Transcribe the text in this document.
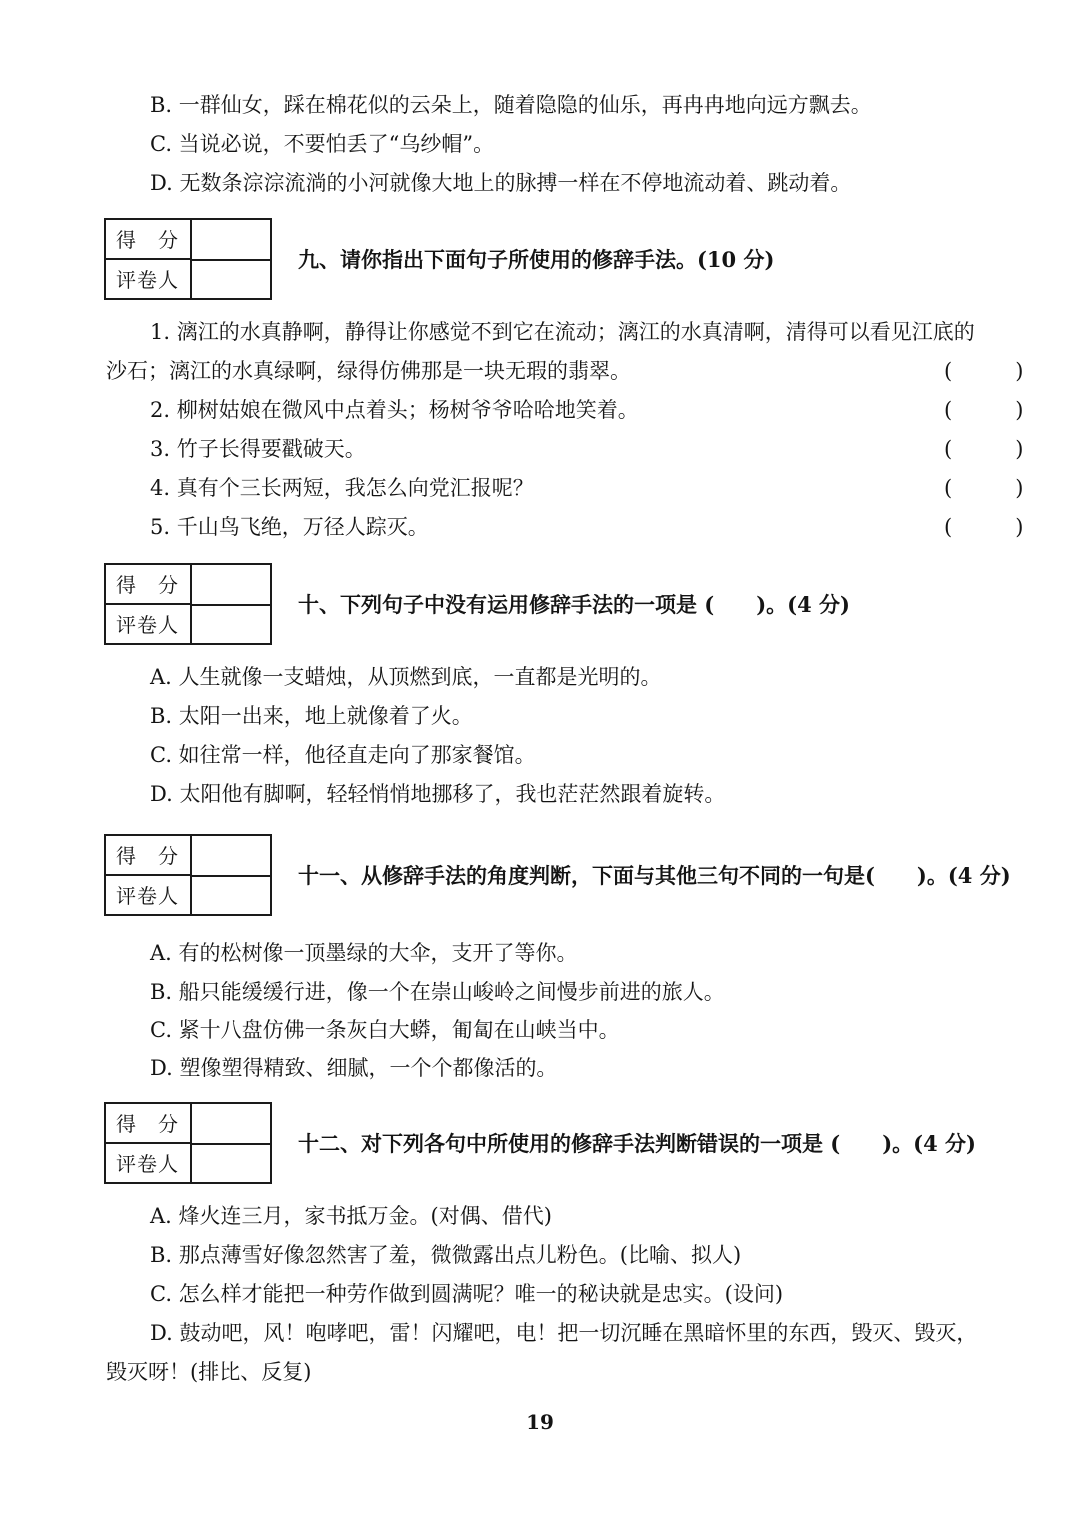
B. 一群仙女，踩在棉花似的云朵上，随着隐隐的仙乐，再冉冉地向远方飘去。
C. 当说必说，不要怕丢了“乌纱帽”。
D. 无数条淙淙流淌的小河就像大地上的脉搏一样在不停地流动着、跳动着。
得　分
评卷人
九、请你指出下面句子所使用的修辞手法。(10 分)
1. 漓江的水真静啊，静得让你感觉不到它在流动；漓江的水真清啊，清得可以看见江底的
沙石；漓江的水真绿啊，绿得仿佛那是一块无瑕的翡翠。	(　　　)
2. 柳树姑娘在微风中点着头；杨树爷爷哈哈地笑着。	(　　　)
3. 竹子长得要戳破天。	(　　　)
4. 真有个三长两短，我怎么向党汇报呢？	(　　　)
5. 千山鸟飞绝，万径人踪灭。	(　　　)
得　分
评卷人
十、下列句子中没有运用修辞手法的一项是 (　　)。(4 分)
A. 人生就像一支蜡烛，从顶燃到底，一直都是光明的。
B. 太阳一出来，地上就像着了火。
C. 如往常一样，他径直走向了那家餐馆。
D. 太阳他有脚啊，轻轻悄悄地挪移了，我也茫茫然跟着旋转。
得　分
评卷人
十一、从修辞手法的角度判断，下面与其他三句不同的一句是(　　)。(4 分)
A. 有的松树像一顶墨绿的大伞，支开了等你。
B. 船只能缓缓行进，像一个在崇山峻岭之间慢步前进的旅人。
C. 紧十八盘仿佛一条灰白大蟒，匍匐在山峡当中。
D. 塑像塑得精致、细腻，一个个都像活的。
得　分
评卷人
十二、对下列各句中所使用的修辞手法判断错误的一项是 (　　)。(4 分)
A. 烽火连三月，家书抵万金。(对偶、借代)
B. 那点薄雪好像忽然害了羞，微微露出点儿粉色。(比喻、拟人)
C. 怎么样才能把一种劳作做到圆满呢？唯一的秘诀就是忠实。(设问)
D. 鼓动吧，风！咆哮吧，雷！闪耀吧，电！把一切沉睡在黑暗怀里的东西，毁灭、毁灭，
毁灭呀！(排比、反复)
19
